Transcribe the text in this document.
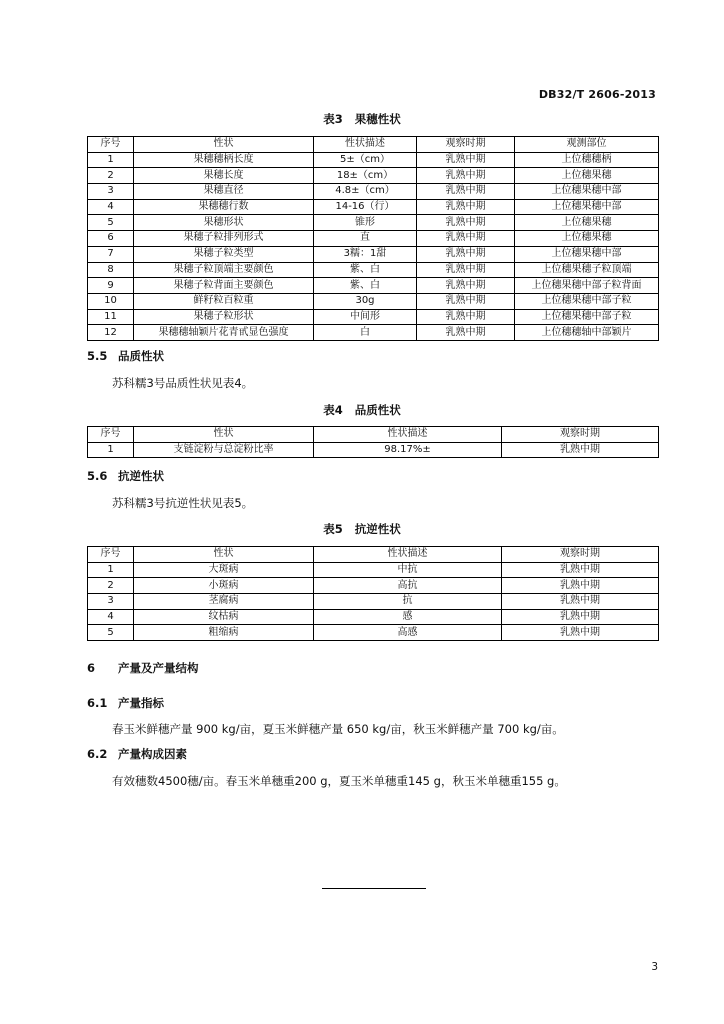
DB32/T 2606-2013
表3 果穗性状
序号	性状	性状描述	观察时期	观测部位
1	果穗穗柄长度	5±（cm）	乳熟中期	上位穗穗柄
2	果穗长度	18±（cm）	乳熟中期	上位穗果穗
3	果穗直径	4.8±（cm）	乳熟中期	上位穗果穗中部
4	果穗穗行数	14-16（行）	乳熟中期	上位穗果穗中部
5	果穗形状	锥形	乳熟中期	上位穗果穗
6	果穗子粒排列形式	直	乳熟中期	上位穗果穗
7	果穗子粒类型	3糯：1甜	乳熟中期	上位穗果穗中部
8	果穗子粒顶端主要颜色	紫、白	乳熟中期	上位穗果穗子粒顶端
9	果穗子粒背面主要颜色	紫、白	乳熟中期	上位穗果穗中部子粒背面
10	鲜籽粒百粒重	30g	乳熟中期	上位穗果穗中部子粒
11	果穗子粒形状	中间形	乳熟中期	上位穗果穗中部子粒
12	果穗穗轴颖片花青甙显色强度	白	乳熟中期	上位穗穗轴中部颖片
5.5 品质性状
苏科糯3号品质性状见表4。
表4 品质性状
序号	性状	性状描述	观察时期
1	支链淀粉与总淀粉比率	98.17%±	乳熟中期
5.6 抗逆性状
苏科糯3号抗逆性状见表5。
表5 抗逆性状
序号	性状	性状描述	观察时期
1	大斑病	中抗	乳熟中期
2	小斑病	高抗	乳熟中期
3	茎腐病	抗	乳熟中期
4	纹枯病	感	乳熟中期
5	粗缩病	高感	乳熟中期
6 产量及产量结构
6.1 产量指标
春玉米鲜穗产量 900 kg/亩，夏玉米鲜穗产量 650 kg/亩，秋玉米鲜穗产量 700 kg/亩。
6.2 产量构成因素
有效穗数4500穗/亩。春玉米单穗重200 g，夏玉米单穗重145 g，秋玉米单穗重155 g。
3
